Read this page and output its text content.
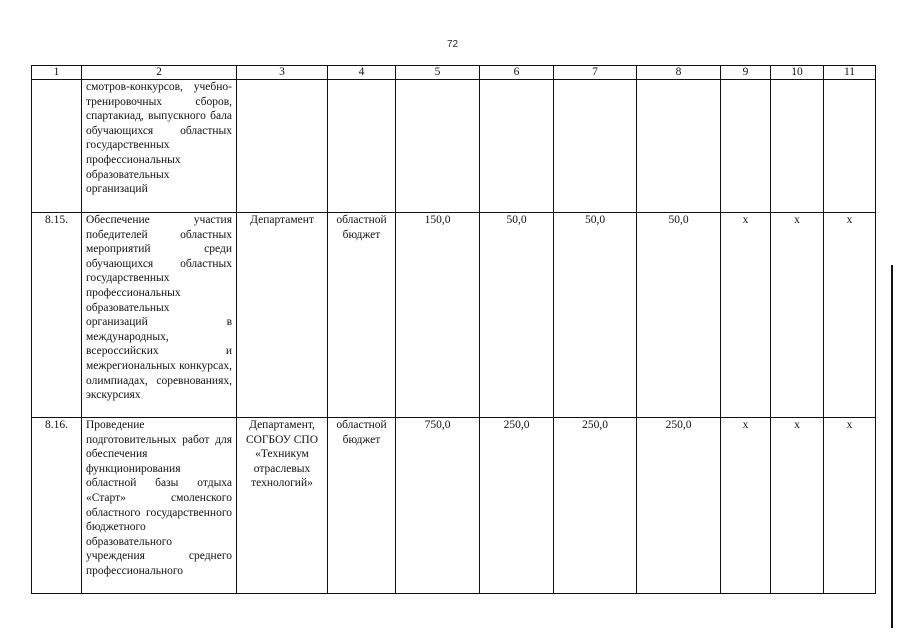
72
1	2	3	4	5	6	7	8	9	10	11
	смотров-конкурсов, учебно-тренировочных сборов, спартакиад, выпускного бала обучающихся областных государственных профессиональных образовательных организаций									
8.15.	Обеспечение участия победителей областных мероприятий среди обучающихся областных государственных профессиональных образовательных организаций в международных, всероссийских и межрегиональных конкурсах, олимпиадах, соревнованиях, экскурсиях	Департамент	областной бюджет	150,0	50,0	50,0	50,0	х	х	х
8.16.	Проведение подготовительных работ для обеспечения функционирования областной базы отдыха «Старт» смоленского областного государственного бюджетного образовательного учреждения среднего профессионального	Департамент, СОГБОУ СПО «Техникум отраслевых технологий»	областной бюджет	750,0	250,0	250,0	250,0	х	х	х
